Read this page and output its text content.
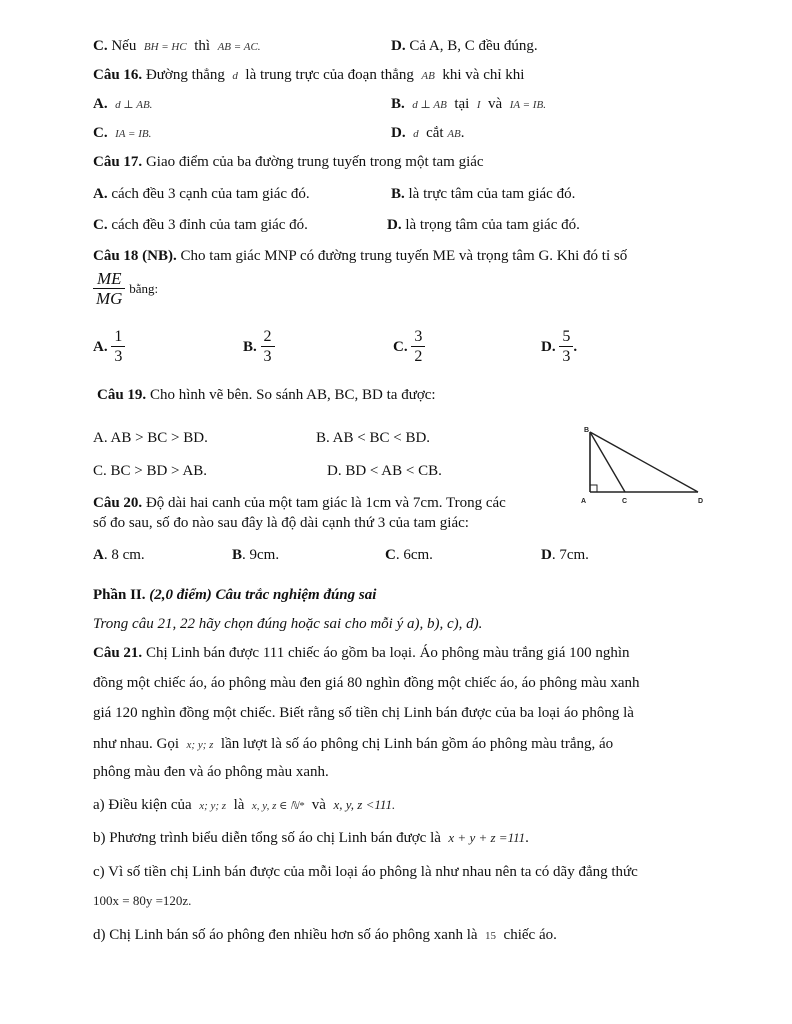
C. Nếu BH = HC thì AB = AC.	D. Cả A, B, C đều đúng.
Câu 16. Đường thẳng d là trung trực của đoạn thẳng AB khi và chỉ khi
A. d ⊥ AB.	B. d ⊥ AB tại I và IA = IB.
C. IA = IB.	D. d cắt AB.
Câu 17. Giao điểm của ba đường trung tuyến trong một tam giác
A. cách đều 3 cạnh của tam giác đó.	B. là trực tâm của tam giác đó.
C. cách đều 3 đỉnh của tam giác đó.	D. là trọng tâm của tam giác đó.
Câu 18 (NB). Cho tam giác MNP có đường trung tuyến ME và trọng tâm G. Khi đó tỉ số
$\frac{ME}{MG}$ bằng:
A. $\frac{1}{3}$	B. $\frac{2}{3}$	C. $\frac{3}{2}$	D. $\frac{5}{3}$ .
Câu 19. Cho hình vẽ bên. So sánh AB, BC, BD ta được:
A. AB > BC > BD.	B. AB < BC < BD.
C. BC > BD > AB.	D. BD < AB < CB.
B
A	C	D
Câu 20. Độ dài hai canh của một tam giác là 1cm và 7cm. Trong các
số đo sau, số đo nào sau đây là độ dài cạnh thứ 3 của tam giác:
A. 8 cm.	B. 9cm.	C. 6cm.	D. 7cm.
Phần II. (2,0 điểm) Câu trắc nghiệm đúng sai
Trong câu 21, 22 hãy chọn đúng hoặc sai cho mỗi ý a), b), c), d).
Câu 21. Chị Linh bán được 111 chiếc áo gồm ba loại. Áo phông màu trắng giá 100 nghìn
đồng một chiếc áo, áo phông màu đen giá 80 nghìn đồng một chiếc áo, áo phông màu xanh
giá 120 nghìn đồng một chiếc. Biết rằng số tiền chị Linh bán được của ba loại áo phông là
như nhau. Gọi x; y; z lần lượt là số áo phông chị Linh bán gồm áo phông màu trắng, áo
phông màu đen và áo phông màu xanh.
a) Điều kiện của x; y; z là x, y, z ∈ ℕ* và x, y, z <111.
b) Phương trình biểu diễn tổng số áo chị Linh bán được là x + y + z =111.
c) Vì số tiền chị Linh bán được của mỗi loại áo phông là như nhau nên ta có dãy đẳng thức
100x = 80y =120z.
d) Chị Linh bán số áo phông đen nhiều hơn số áo phông xanh là 15 chiếc áo.
